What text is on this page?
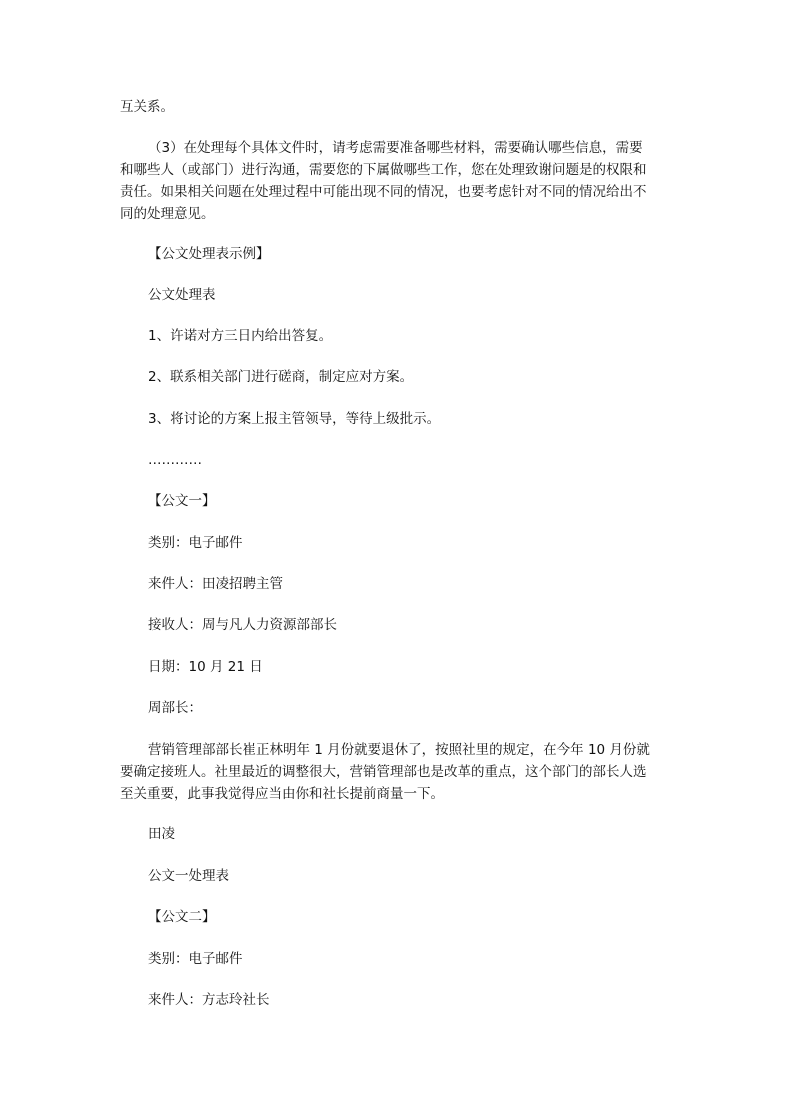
互关系。
（3）在处理每个具体文件时，请考虑需要准备哪些材料，需要确认哪些信息，需要
和哪些人（或部门）进行沟通，需要您的下属做哪些工作，您在处理致谢问题是的权限和
责任。如果相关问题在处理过程中可能出现不同的情况，也要考虑针对不同的情况给出不
同的处理意见。
【公文处理表示例】
公文处理表
1、许诺对方三日内给出答复。
2、联系相关部门进行磋商，制定应对方案。
3、将讨论的方案上报主管领导，等待上级批示。
…………
【公文一】
类别：电子邮件
来件人：田凌招聘主管
接收人：周与凡人力资源部部长
日期：10 月 21 日
周部长：
营销管理部部长崔正林明年 1 月份就要退休了，按照社里的规定，在今年 10 月份就
要确定接班人。社里最近的调整很大，营销管理部也是改革的重点，这个部门的部长人选
至关重要，此事我觉得应当由你和社长提前商量一下。
田凌
公文一处理表
【公文二】
类别：电子邮件
来件人：方志玲社长
